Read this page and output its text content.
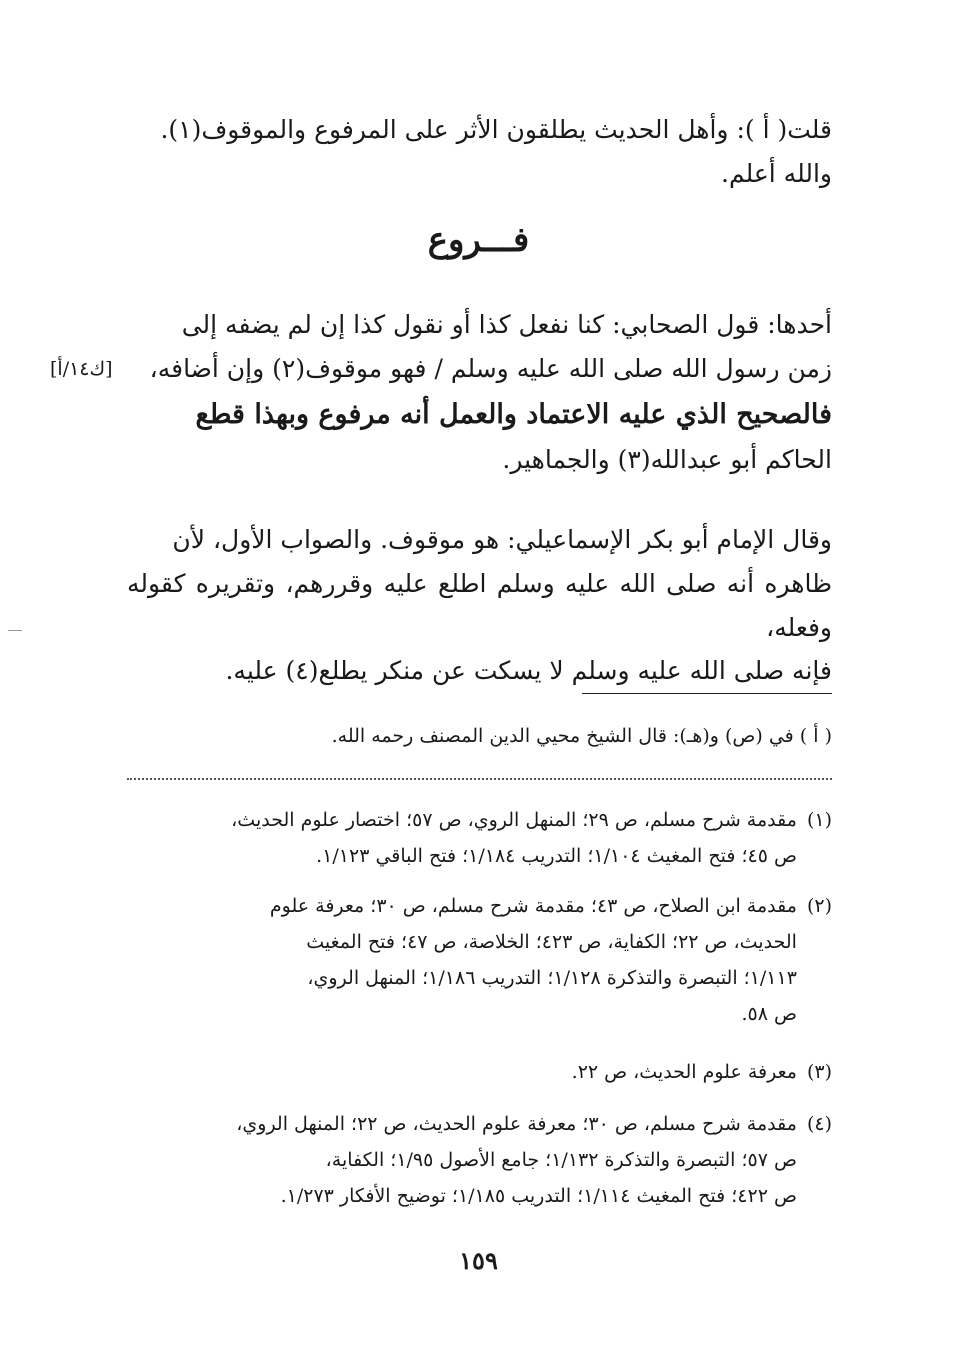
قلت( أ ): وأهل الحديث يطلقون الأثر على المرفوع والموقوف(١).
والله أعلم.
فـــروع
أحدها: قول الصحابي: كنا نفعل كذا أو نقول كذا إن لم يضفه إلى
زمن رسول الله صلى الله عليه وسلم / فهو موقوف(٢) وإن أضافه،
فالصحيح الذي عليه الاعتماد والعمل أنه مرفوع وبهذا قطع
الحاكم أبو عبدالله(٣) والجماهير.
[ك١٤/أ]
وقال الإمام أبو بكر الإسماعيلي: هو موقوف. والصواب الأول، لأن
ظاهره أنه صلى الله عليه وسلم اطلع عليه وقررهم، وتقريره كقوله وفعله،
فإنه صلى الله عليه وسلم لا يسكت عن منكر يطلع(٤) عليه.
( أ ) في (ص) و(هـ): قال الشيخ محيي الدين المصنف رحمه الله.
(١)
مقدمة شرح مسلم، ص ٢٩؛ المنهل الروي، ص ٥٧؛ اختصار علوم الحديث،
ص ٤٥؛ فتح المغيث ١/١٠٤؛ التدريب ١/١٨٤؛ فتح الباقي ١/١٢٣.
(٢)
مقدمة ابن الصلاح، ص ٤٣؛ مقدمة شرح مسلم، ص ٣٠؛ معرفة علوم
الحديث، ص ٢٢؛ الكفاية، ص ٤٢٣؛ الخلاصة، ص ٤٧؛ فتح المغيث
١/١١٣؛ التبصرة والتذكرة ١/١٢٨؛ التدريب ١/١٨٦؛ المنهل الروي،
ص ٥٨.
(٣)
معرفة علوم الحديث، ص ٢٢.
(٤)
مقدمة شرح مسلم، ص ٣٠؛ معرفة علوم الحديث، ص ٢٢؛ المنهل الروي،
ص ٥٧؛ التبصرة والتذكرة ١/١٣٢؛ جامع الأصول ١/٩٥؛ الكفاية،
ص ٤٢٢؛ فتح المغيث ١/١١٤؛ التدريب ١/١٨٥؛ توضيح الأفكار ١/٢٧٣.
١٥٩
